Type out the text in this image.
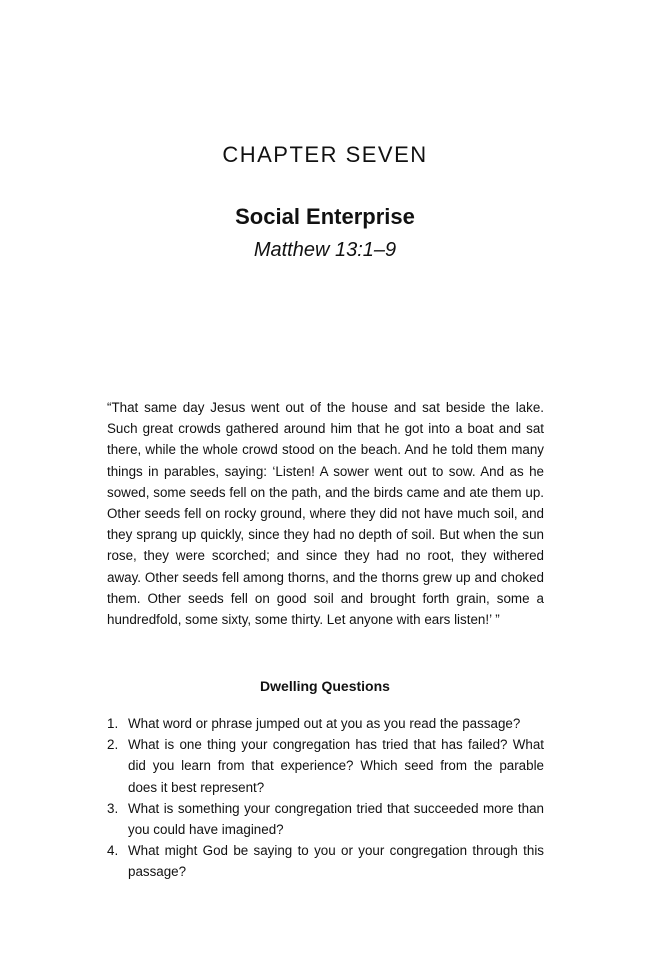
CHAPTER SEVEN
Social Enterprise

Matthew 13:1–9

“That same day Jesus went out of the house and sat beside the lake. Such great crowds gathered around him that he got into a boat and sat there, while the whole crowd stood on the beach. And he told them many things in parables, saying: ‘Listen! A sower went out to sow. And as he sowed, some seeds fell on the path, and the birds came and ate them up. Other seeds fell on rocky ground, where they did not have much soil, and they sprang up quickly, since they had no depth of soil. But when the sun rose, they were scorched; and since they had no root, they withered away. Other seeds fell among thorns, and the thorns grew up and choked them. Other seeds fell on good soil and brought forth grain, some a hundredfold, some sixty, some thirty. Let anyone with ears listen!’ ”

Dwelling Questions
1. What word or phrase jumped out at you as you read the passage?
2. What is one thing your congregation has tried that has failed? What did you learn from that experience? Which seed from the parable does it best represent?
3. What is something your congregation tried that succeeded more than you could have imagined?
4. What might God be saying to you or your congregation through this passage?
